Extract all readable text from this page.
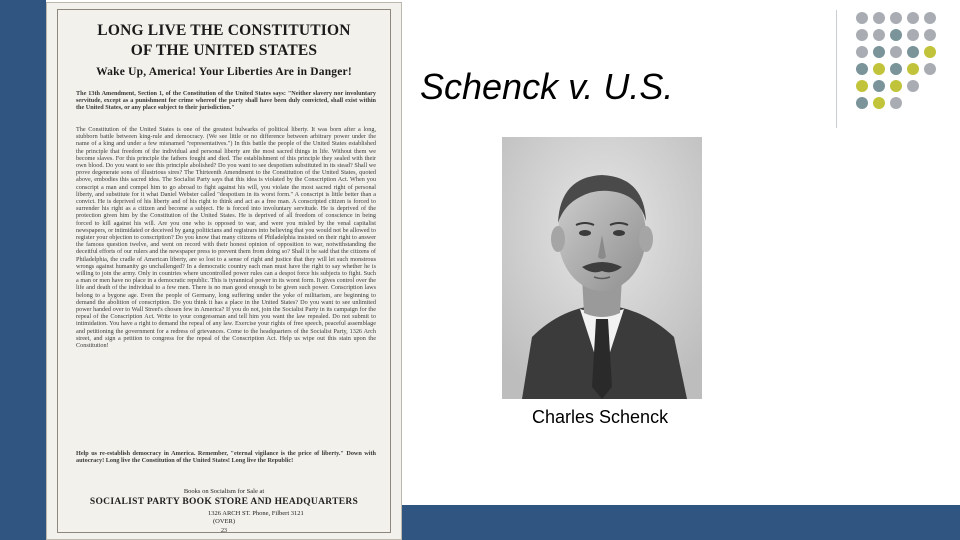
Schenck v. U.S.
LONG LIVE THE CONSTITUTION
OF THE UNITED STATES
Wake Up, America! Your Liberties Are in Danger!
The 13th Amendment, Section 1, of the Constitution of the United States says: "Neither slavery nor involuntary servitude, except as a punishment for crime whereof the party shall have been duly convicted, shall exist within the United States, or any place subject to their jurisdiction."
The Constitution of the United States is one of the greatest bulwarks of political liberty. It was born after a long, stubborn battle between king-rule and democracy. (We see little or no difference between arbitrary power under the name of a king and under a few misnamed "representatives.") In this battle the people of the United States established the principle that freedom of the individual and personal liberty are the most sacred things in life. Without them we become slaves. For this principle the fathers fought and died. The establishment of this principle they sealed with their own blood. Do you want to see this principle abolished? Do you want to see despotism substituted in its stead? Shall we prove degenerate sons of illustrious sires? The Thirteenth Amendment to the Constitution of the United States, quoted above, embodies this sacred idea. The Socialist Party says that this idea is violated by the Conscription Act. When you conscript a man and compel him to go abroad to fight against his will, you violate the most sacred right of personal liberty, and substitute for it what Daniel Webster called "despotism in its worst form." A conscript is little better than a convict. He is deprived of his liberty and of his right to think and act as a free man. A conscripted citizen is forced to surrender his right as a citizen and become a subject. He is forced into involuntary servitude. He is deprived of the protection given him by the Constitution of the United States. He is deprived of all freedom of conscience in being forced to kill against his will. Are you one who is opposed to war, and were you misled by the venal capitalist newspapers, or intimidated or deceived by gang politicians and registrars into believing that you would not be allowed to register your objection to conscription? Do you know that many citizens of Philadelphia insisted on their right to answer the famous question twelve, and went on record with their honest opinion of opposition to war, notwithstanding the deceitful efforts of our rulers and the newspaper press to prevent them from doing so? Shall it be said that the citizens of Philadelphia, the cradle of American liberty, are so lost to a sense of right and justice that they will let such monstrous wrongs against humanity go unchallenged? In a democratic country each man must have the right to say whether he is willing to join the army. Only in countries where uncontrolled power rules can a despot force his subjects to fight. Such a man or men have no place in a democratic republic. This is tyrannical power in its worst form. It gives control over the life and death of the individual to a few men. There is no man good enough to be given such power. Conscription laws belong to a bygone age. Even the people of Germany, long suffering under the yoke of militarism, are beginning to demand the abolition of conscription. Do you think it has a place in the United States? Do you want to see unlimited power handed over to Wall Street's chosen few in America? If you do not, join the Socialist Party in its campaign for the repeal of the Conscription Act. Write to your congressman and tell him you want the law repealed. Do not submit to intimidation. You have a right to demand the repeal of any law. Exercise your rights of free speech, peaceful assemblage and petitioning the government for a redress of grievances. Come to the headquarters of the Socialist Party, 1326 Arch street, and sign a petition to congress for the repeal of the Conscription Act. Help us wipe out this stain upon the Constitution!
Help us re-establish democracy in America. Remember, "eternal vigilance is the price of liberty." Down with autocracy! Long live the Constitution of the United States! Long live the Republic!
Books on Socialism for Sale at
SOCIALIST PARTY BOOK STORE AND HEADQUARTERS
1326 ARCH ST. Phone, Filbert 3121
(OVER)
23
Charles Schenck
